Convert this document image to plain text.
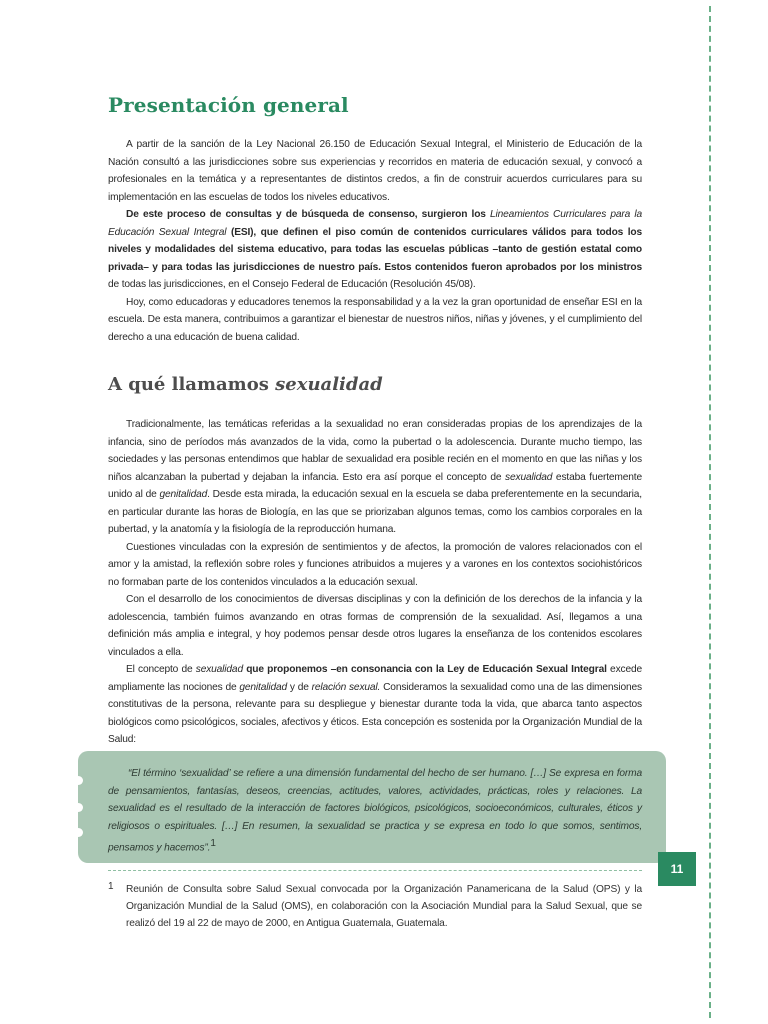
Presentación general

A partir de la sanción de la Ley Nacional 26.150 de Educación Sexual Integral, el Ministerio de Educación de la Nación consultó a las jurisdicciones sobre sus experiencias y recorridos en materia de educación sexual, y convocó a profesionales en la temática y a representantes de distintos credos, a fin de construir acuerdos curriculares para su implementación en las escuelas de todos los niveles educativos.

De este proceso de consultas y de búsqueda de consenso, surgieron los Lineamientos Curriculares para la Educación Sexual Integral (ESI), que definen el piso común de contenidos curriculares válidos para todos los niveles y modalidades del sistema educativo, para todas las escuelas públicas –tanto de gestión estatal como privada– y para todas las jurisdicciones de nuestro país. Estos contenidos fueron aprobados por los ministros de todas las jurisdicciones, en el Consejo Federal de Educación (Resolución 45/08).

Hoy, como educadoras y educadores tenemos la responsabilidad y a la vez la gran oportunidad de enseñar ESI en la escuela. De esta manera, contribuimos a garantizar el bienestar de nuestros niños, niñas y jóvenes, y el cumplimiento del derecho a una educación de buena calidad.

A qué llamamos sexualidad

Tradicionalmente, las temáticas referidas a la sexualidad no eran consideradas propias de los aprendizajes de la infancia, sino de períodos más avanzados de la vida, como la pubertad o la adolescencia. Durante mucho tiempo, las sociedades y las personas entendimos que hablar de sexualidad era posible recién en el momento en que las niñas y los niños alcanzaban la pubertad y dejaban la infancia. Esto era así porque el concepto de sexualidad estaba fuertemente unido al de genitalidad. Desde esta mirada, la educación sexual en la escuela se daba preferentemente en la secundaria, en particular durante las horas de Biología, en las que se priorizaban algunos temas, como los cambios corporales en la pubertad, y la anatomía y la fisiología de la reproducción humana.

Cuestiones vinculadas con la expresión de sentimientos y de afectos, la promoción de valores relacionados con el amor y la amistad, la reflexión sobre roles y funciones atribuidos a mujeres y a varones en los contextos sociohistóricos no formaban parte de los contenidos vinculados a la educación sexual.

Con el desarrollo de los conocimientos de diversas disciplinas y con la definición de los derechos de la infancia y la adolescencia, también fuimos avanzando en otras formas de comprensión de la sexualidad. Así, llegamos a una definición más amplia e integral, y hoy podemos pensar desde otros lugares la enseñanza de los contenidos escolares vinculados a ella.

El concepto de sexualidad que proponemos –en consonancia con la Ley de Educación Sexual Integral excede ampliamente las nociones de genitalidad y de relación sexual. Consideramos la sexualidad como una de las dimensiones constitutivas de la persona, relevante para su despliegue y bienestar durante toda la vida, que abarca tanto aspectos biológicos como psicológicos, sociales, afectivos y éticos. Esta concepción es sostenida por la Organización Mundial de la Salud:

“El término ‘sexualidad’ se refiere a una dimensión fundamental del hecho de ser humano. […] Se expresa en forma de pensamientos, fantasías, deseos, creencias, actitudes, valores, actividades, prácticas, roles y relaciones. La sexualidad es el resultado de la interacción de factores biológicos, psicológicos, socioeconómicos, culturales, éticos y religiosos o espirituales. […] En resumen, la sexualidad se practica y se expresa en todo lo que somos, sentimos, pensamos y hacemos”.$^1$

11
1 Reunión de Consulta sobre Salud Sexual convocada por la Organización Panamericana de la Salud (OPS) y la Organización Mundial de la Salud (OMS), en colaboración con la Asociación Mundial para la Salud Sexual, que se realizó del 19 al 22 de mayo de 2000, en Antigua Guatemala, Guatemala.
